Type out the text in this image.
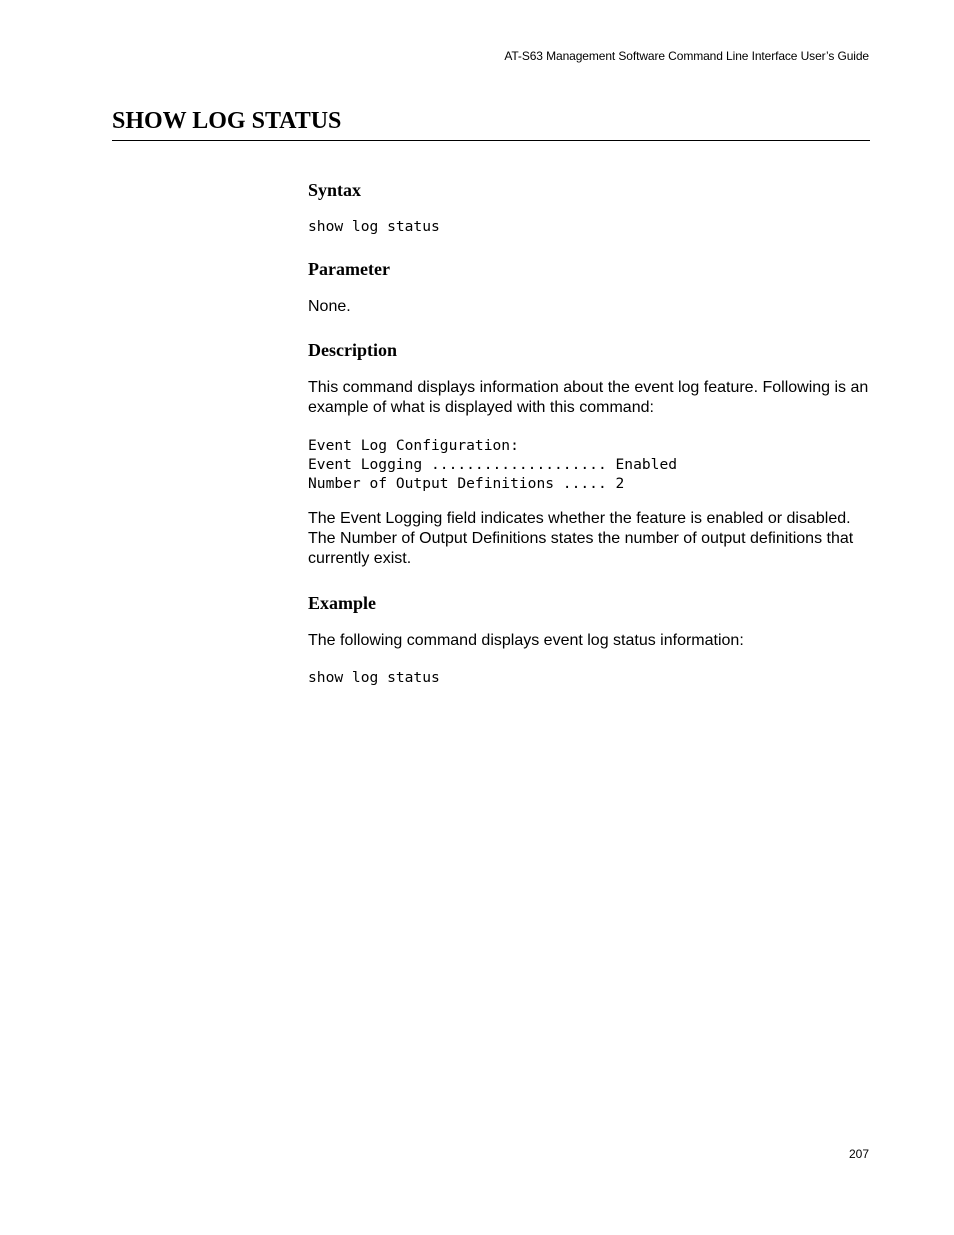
AT-S63 Management Software Command Line Interface User’s Guide
SHOW LOG STATUS
Syntax
show log status
Parameter

None.

Description

This command displays information about the event log feature. Following is an example of what is displayed with this command:

Event Log Configuration:
Event Logging .................... Enabled
Number of Output Definitions ..... 2

The Event Logging field indicates whether the feature is enabled or disabled. The Number of Output Definitions states the number of output definitions that currently exist.

Example

The following command displays event log status information:

show log status
207
